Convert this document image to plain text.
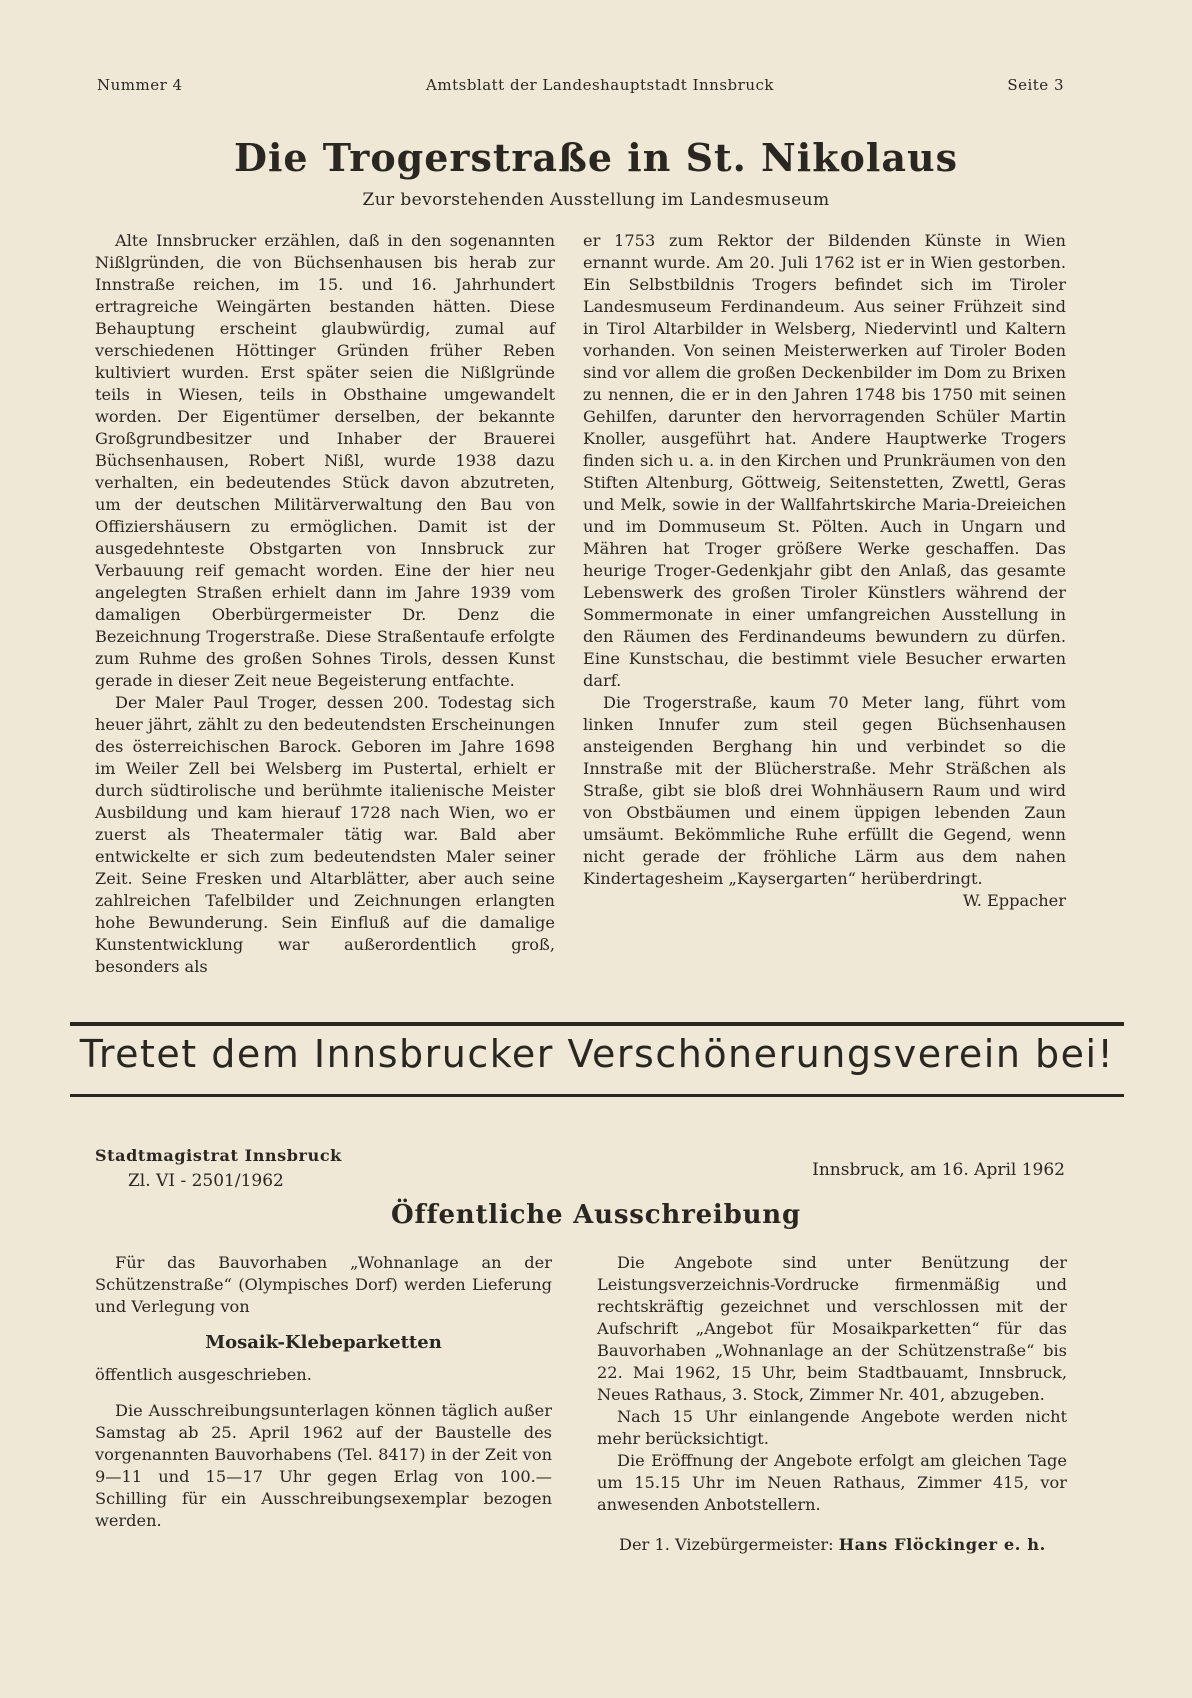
Nummer 4	Amtsblatt der Landeshauptstadt Innsbruck	Seite 3
Die Trogerstraße in St. Nikolaus
Zur bevorstehenden Ausstellung im Landesmuseum

Alte Innsbrucker erzählen, daß in den sogenannten Nißlgründen, die von Büchsenhausen bis herab zur Innstraße reichen, im 15. und 16. Jahrhundert ertragreiche Weingärten bestanden hätten. Diese Behauptung erscheint glaubwürdig, zumal auf verschiedenen Höttinger Gründen früher Reben kultiviert wurden. Erst später seien die Nißlgründe teils in Wiesen, teils in Obsthaine umgewandelt worden. Der Eigentümer derselben, der bekannte Großgrundbesitzer und Inhaber der Brauerei Büchsenhausen, Robert Nißl, wurde 1938 dazu verhalten, ein bedeutendes Stück davon abzutreten, um der deutschen Militärverwaltung den Bau von Offiziershäusern zu ermöglichen. Damit ist der ausgedehnteste Obstgarten von Innsbruck zur Verbauung reif gemacht worden. Eine der hier neu angelegten Straßen erhielt dann im Jahre 1939 vom damaligen Oberbürgermeister Dr. Denz die Bezeichnung Trogerstraße. Diese Straßentaufe erfolgte zum Ruhme des großen Sohnes Tirols, dessen Kunst gerade in dieser Zeit neue Begeisterung entfachte.

Der Maler Paul Troger, dessen 200. Todestag sich heuer jährt, zählt zu den bedeutendsten Erscheinungen des österreichischen Barock. Geboren im Jahre 1698 im Weiler Zell bei Welsberg im Pustertal, erhielt er durch südtirolische und berühmte italienische Meister Ausbildung und kam hierauf 1728 nach Wien, wo er zuerst als Theatermaler tätig war. Bald aber entwickelte er sich zum bedeutendsten Maler seiner Zeit. Seine Fresken und Altarblätter, aber auch seine zahlreichen Tafelbilder und Zeichnungen erlangten hohe Bewunderung. Sein Einfluß auf die damalige Kunstentwicklung war außerordentlich groß, besonders als

er 1753 zum Rektor der Bildenden Künste in Wien ernannt wurde. Am 20. Juli 1762 ist er in Wien gestorben. Ein Selbstbildnis Trogers befindet sich im Tiroler Landesmuseum Ferdinandeum. Aus seiner Frühzeit sind in Tirol Altarbilder in Welsberg, Niedervintl und Kaltern vorhanden. Von seinen Meisterwerken auf Tiroler Boden sind vor allem die großen Deckenbilder im Dom zu Brixen zu nennen, die er in den Jahren 1748 bis 1750 mit seinen Gehilfen, darunter den hervorragenden Schüler Martin Knoller, ausgeführt hat. Andere Hauptwerke Trogers finden sich u. a. in den Kirchen und Prunkräumen von den Stiften Altenburg, Göttweig, Seitenstetten, Zwettl, Geras und Melk, sowie in der Wallfahrtskirche Maria-Dreieichen und im Dommuseum St. Pölten. Auch in Ungarn und Mähren hat Troger größere Werke geschaffen. Das heurige Troger-Gedenkjahr gibt den Anlaß, das gesamte Lebenswerk des großen Tiroler Künstlers während der Sommermonate in einer umfangreichen Ausstellung in den Räumen des Ferdinandeums bewundern zu dürfen. Eine Kunstschau, die bestimmt viele Besucher erwarten darf.

Die Trogerstraße, kaum 70 Meter lang, führt vom linken Innufer zum steil gegen Büchsenhausen ansteigenden Berghang hin und verbindet so die Innstraße mit der Blücherstraße. Mehr Sträßchen als Straße, gibt sie bloß drei Wohnhäusern Raum und wird von Obstbäumen und einem üppigen lebenden Zaun umsäumt. Bekömmliche Ruhe erfüllt die Gegend, wenn nicht gerade der fröhliche Lärm aus dem nahen Kindertagesheim „Kaysergarten“ herüberdringt.

W. Eppacher
Tretet dem Innsbrucker Verschönerungsverein bei!
Stadtmagistrat Innsbruck
Zl. VI - 2501/1962
Innsbruck, am 16. April 1962
Öffentliche Ausschreibung

Für das Bauvorhaben „Wohnanlage an der Schützenstraße“ (Olympisches Dorf) werden Lieferung und Verlegung von

Mosaik-Klebeparketten

öffentlich ausgeschrieben.

Die Ausschreibungsunterlagen können täglich außer Samstag ab 25. April 1962 auf der Baustelle des vorgenannten Bauvorhabens (Tel. 8417) in der Zeit von 9—11 und 15—17 Uhr gegen Erlag von 100.— Schilling für ein Ausschreibungsexemplar bezogen werden.

Die Angebote sind unter Benützung der Leistungsverzeichnis-Vordrucke firmenmäßig und rechtskräftig gezeichnet und verschlossen mit der Aufschrift „Angebot für Mosaikparketten“ für das Bauvorhaben „Wohnanlage an der Schützenstraße“ bis 22. Mai 1962, 15 Uhr, beim Stadtbauamt, Innsbruck, Neues Rathaus, 3. Stock, Zimmer Nr. 401, abzugeben.

Nach 15 Uhr einlangende Angebote werden nicht mehr berücksichtigt.

Die Eröffnung der Angebote erfolgt am gleichen Tage um 15.15 Uhr im Neuen Rathaus, Zimmer 415, vor anwesenden Anbotstellern.

Der 1. Vizebürgermeister: Hans Flöckinger e. h.
